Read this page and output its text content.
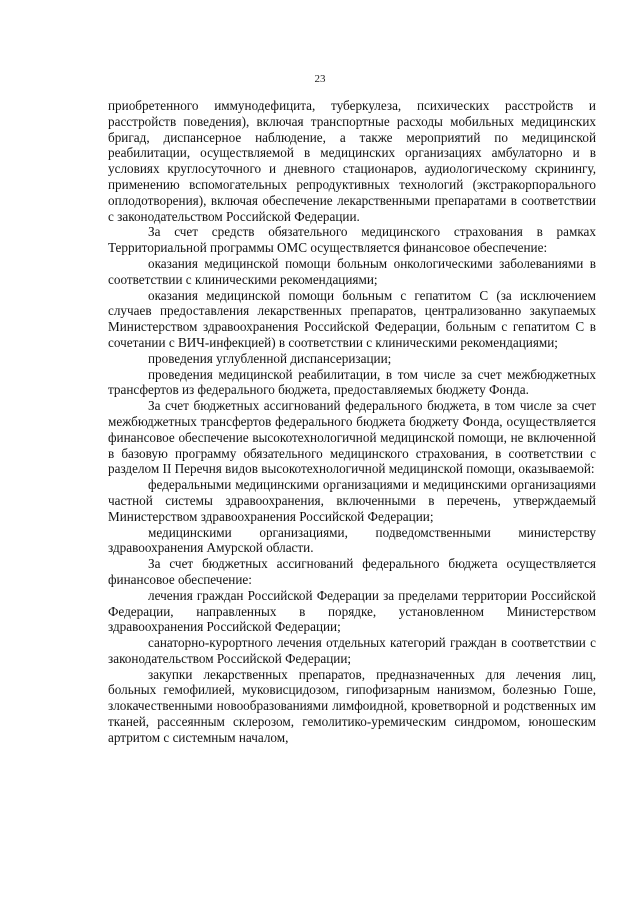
23

приобретенного иммунодефицита, туберкулеза, психических расстройств и расстройств поведения), включая транспортные расходы мобильных медицинских бригад, диспансерное наблюдение, а также мероприятий по медицинской реабилитации, осуществляемой в медицинских организациях амбулаторно и в условиях круглосуточного и дневного стационаров, аудиологическому скринингу, применению вспомогательных репродуктивных технологий (экстракорпорального оплодотворения), включая обеспечение лекарственными препаратами в соответствии с законодательством Российской Федерации.

За счет средств обязательного медицинского страхования в рамках Территориальной программы ОМС осуществляется финансовое обеспечение:

оказания медицинской помощи больным онкологическими заболеваниями в соответствии с клиническими рекомендациями;

оказания медицинской помощи больным с гепатитом С (за исключением случаев предоставления лекарственных препаратов, централизованно закупаемых Министерством здравоохранения Российской Федерации, больным с гепатитом С в сочетании с ВИЧ-инфекцией) в соответствии с клиническими рекомендациями;

проведения углубленной диспансеризации;

проведения медицинской реабилитации, в том числе за счет межбюджетных трансфертов из федерального бюджета, предоставляемых бюджету Фонда.

За счет бюджетных ассигнований федерального бюджета, в том числе за счет межбюджетных трансфертов федерального бюджета бюджету Фонда, осуществляется финансовое обеспечение высокотехнологичной медицинской помощи, не включенной в базовую программу обязательного медицинского страхования, в соответствии с разделом II Перечня видов высокотехнологичной медицинской помощи, оказываемой:

федеральными медицинскими организациями и медицинскими организациями частной системы здравоохранения, включенными в перечень, утверждаемый Министерством здравоохранения Российской Федерации;

медицинскими организациями, подведомственными министерству здравоохранения Амурской области.

За счет бюджетных ассигнований федерального бюджета осуществляется финансовое обеспечение:

лечения граждан Российской Федерации за пределами территории Российской Федерации, направленных в порядке, установленном Министерством здравоохранения Российской Федерации;

санаторно-курортного лечения отдельных категорий граждан в соответствии с законодательством Российской Федерации;

закупки лекарственных препаратов, предназначенных для лечения лиц, больных гемофилией, муковисцидозом, гипофизарным нанизмом, болезнью Гоше, злокачественными новообразованиями лимфоидной, кроветворной и родственных им тканей, рассеянным склерозом, гемолитико-уремическим синдромом, юношеским артритом с системным началом,
